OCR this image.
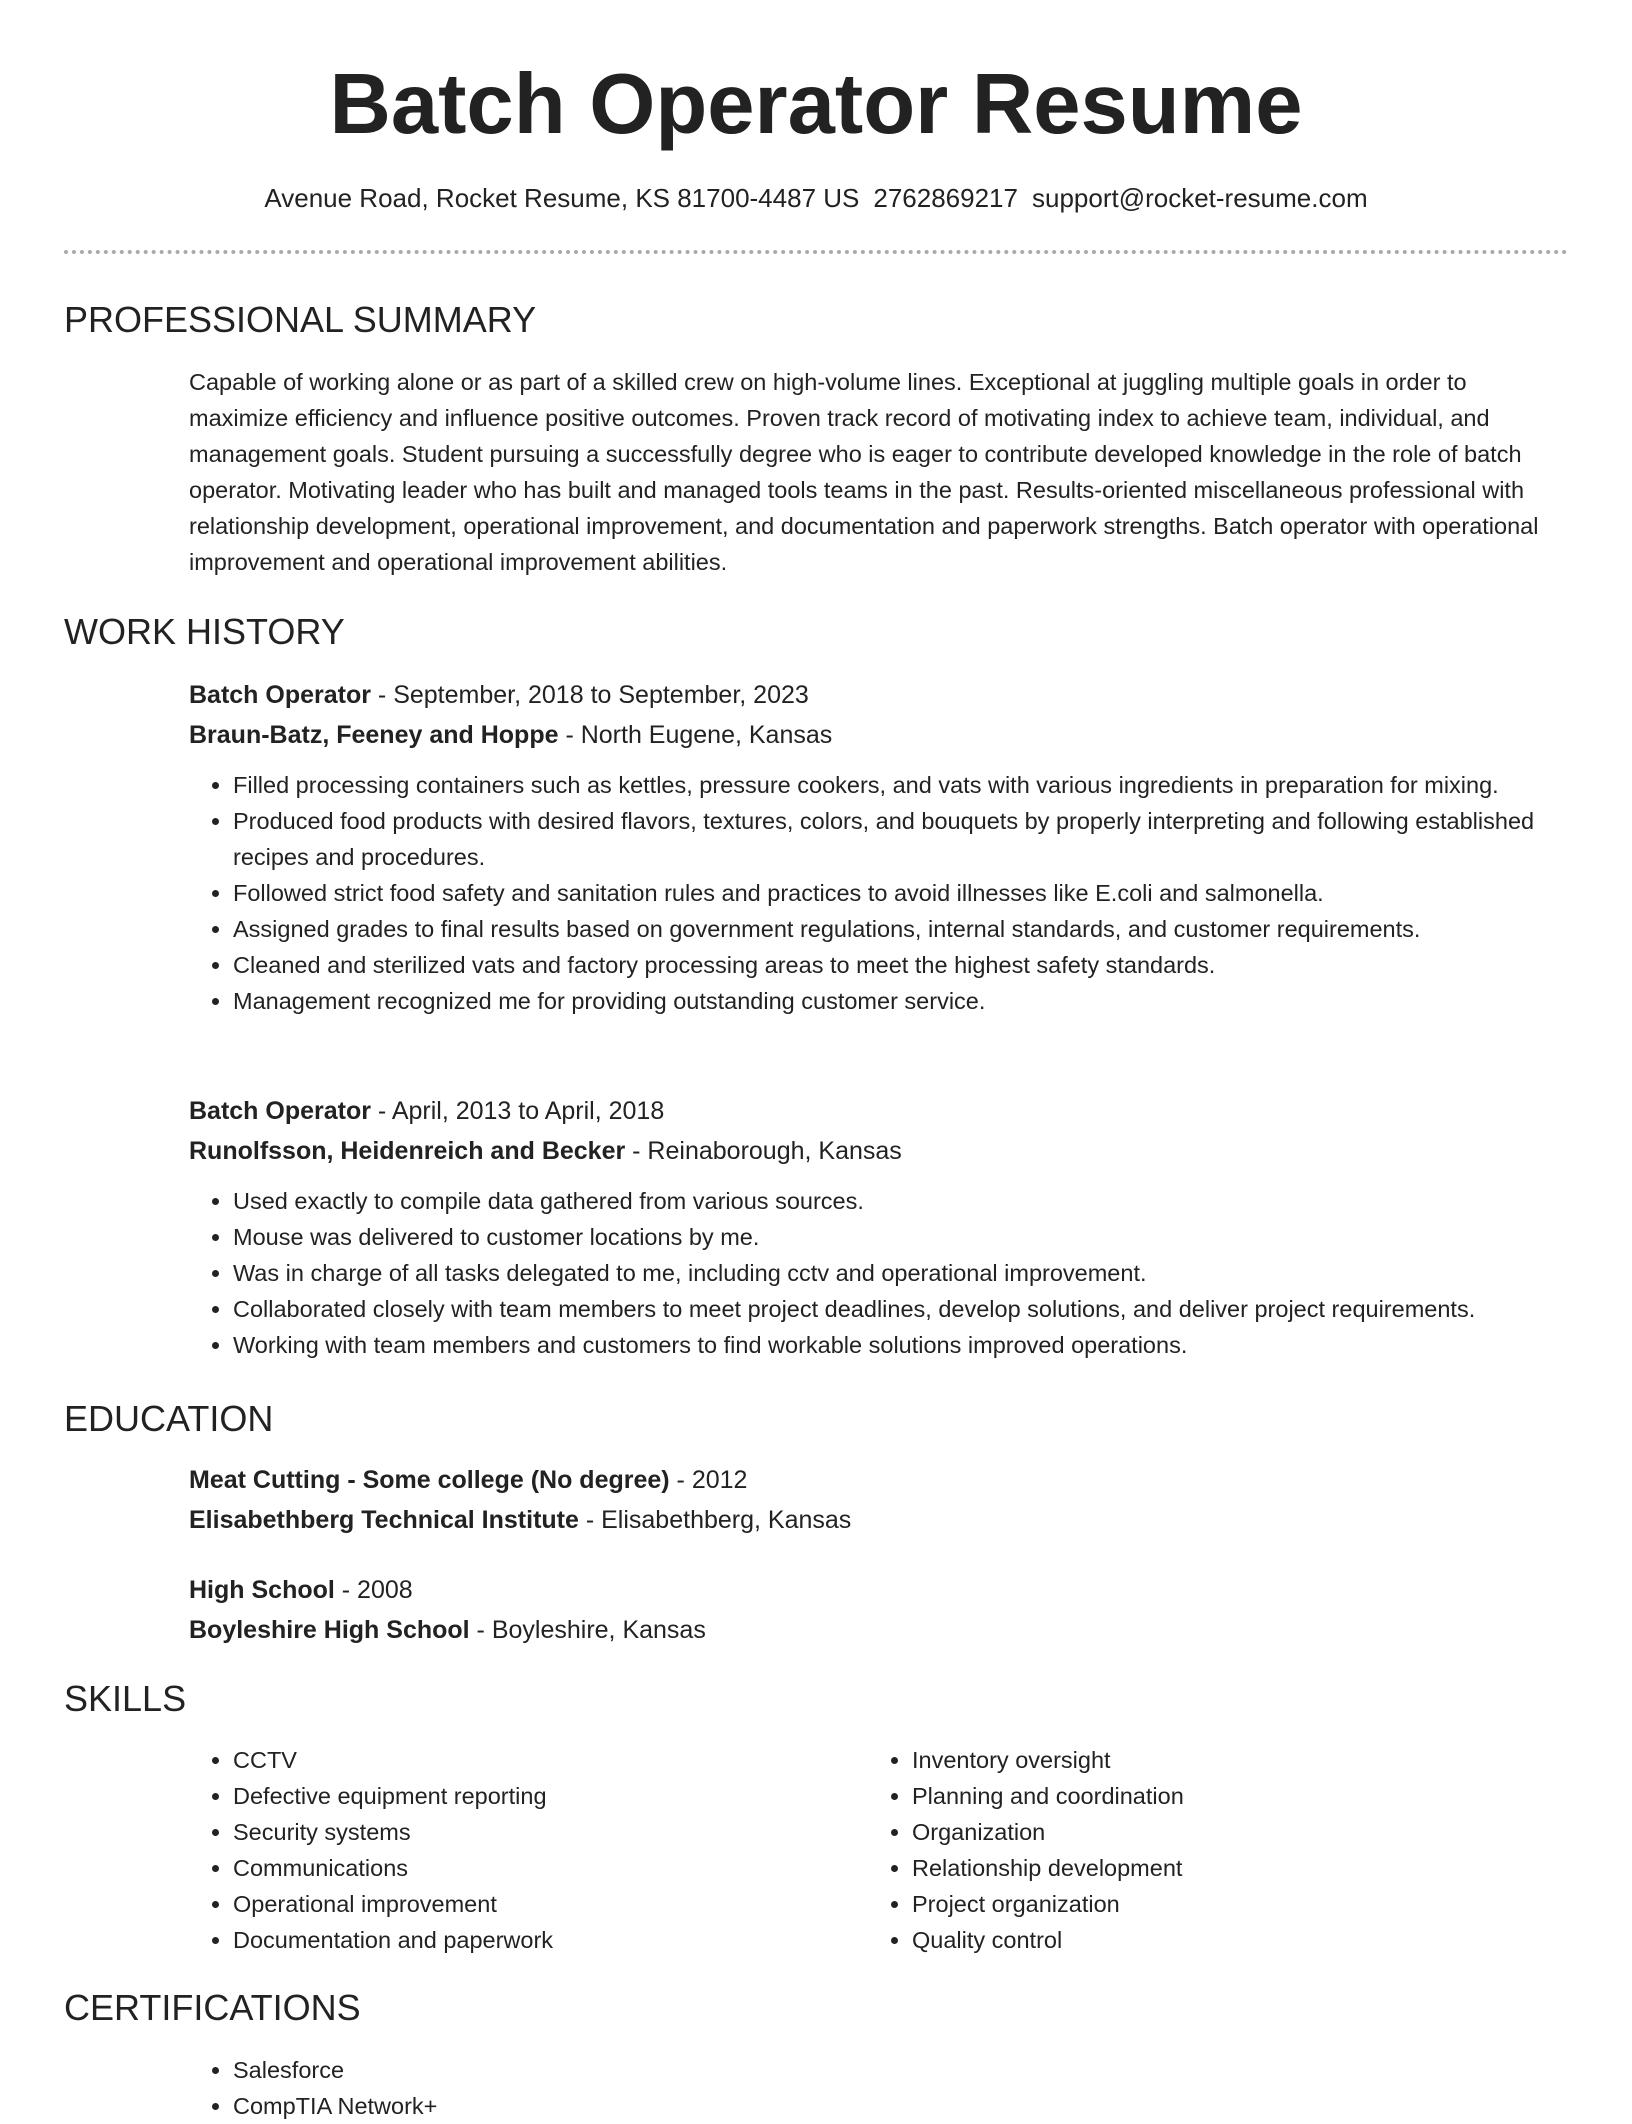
Batch Operator Resume
Avenue Road, Rocket Resume, KS 81700-4487 US 2762869217 support@rocket-resume.com
PROFESSIONAL SUMMARY

Capable of working alone or as part of a skilled crew on high-volume lines. Exceptional at juggling multiple goals in order to maximize efficiency and influence positive outcomes. Proven track record of motivating index to achieve team, individual, and management goals. Student pursuing a successfully degree who is eager to contribute developed knowledge in the role of batch operator. Motivating leader who has built and managed tools teams in the past. Results-oriented miscellaneous professional with relationship development, operational improvement, and documentation and paperwork strengths. Batch operator with operational improvement and operational improvement abilities.

WORK HISTORY

Batch Operator - September, 2018 to September, 2023

Braun-Batz, Feeney and Hoppe - North Eugene, Kansas

• Filled processing containers such as kettles, pressure cookers, and vats with various ingredients in preparation for mixing.
• Produced food products with desired flavors, textures, colors, and bouquets by properly interpreting and following established recipes and procedures.
• Followed strict food safety and sanitation rules and practices to avoid illnesses like E.coli and salmonella.
• Assigned grades to final results based on government regulations, internal standards, and customer requirements.
• Cleaned and sterilized vats and factory processing areas to meet the highest safety standards.
• Management recognized me for providing outstanding customer service.

Batch Operator - April, 2013 to April, 2018

Runolfsson, Heidenreich and Becker - Reinaborough, Kansas

• Used exactly to compile data gathered from various sources.
• Mouse was delivered to customer locations by me.
• Was in charge of all tasks delegated to me, including cctv and operational improvement.
• Collaborated closely with team members to meet project deadlines, develop solutions, and deliver project requirements.
• Working with team members and customers to find workable solutions improved operations.
EDUCATION

Meat Cutting - Some college (No degree) - 2012

Elisabethberg Technical Institute - Elisabethberg, Kansas

High School - 2008

Boyleshire High School - Boyleshire, Kansas

SKILLS
• CCTV
• Defective equipment reporting
• Security systems
• Communications
• Operational improvement
• Documentation and paperwork
• Inventory oversight
• Planning and coordination
• Organization
• Relationship development
• Project organization
• Quality control
CERTIFICATIONS
• Salesforce
• CompTIA Network+
